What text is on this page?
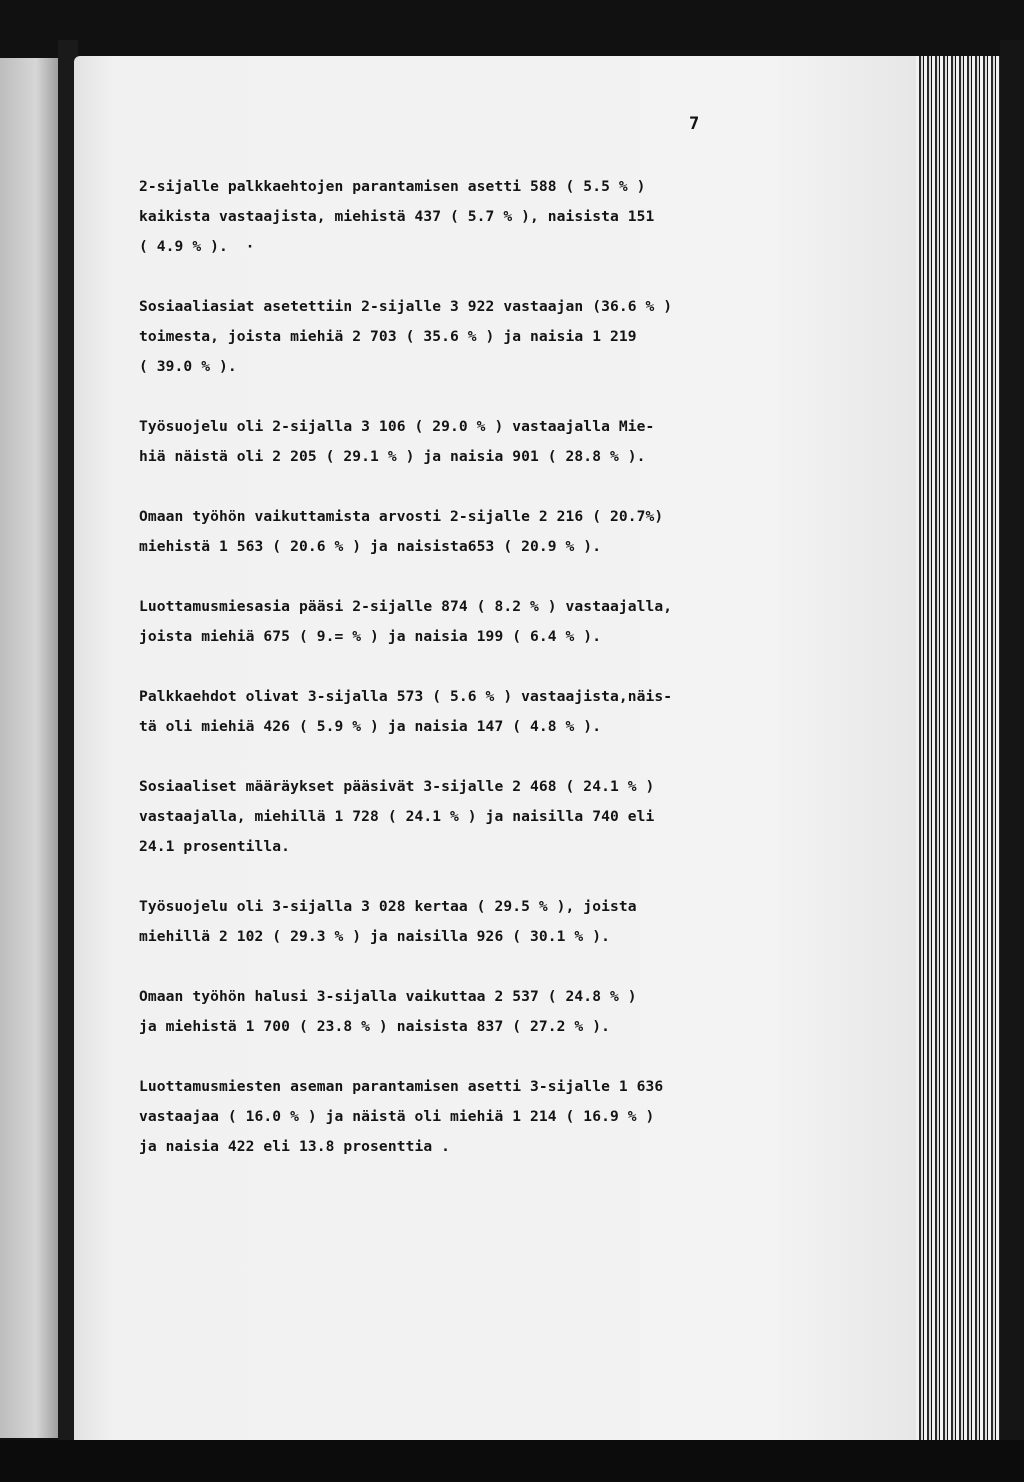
7
2-sijalle palkkaehtojen parantamisen asetti 588 ( 5.5 % )
kaikista vastaajista, miehistä 437 ( 5.7 % ), naisista 151
( 4.9 % ).  ·
Sosiaaliasiat asetettiin 2-sijalle 3 922 vastaajan (36.6 % )
toimesta, joista miehiä 2 703 ( 35.6 % ) ja naisia 1 219
( 39.0 % ).
Työsuojelu oli 2-sijalla 3 106 ( 29.0 % ) vastaajalla Mie-
hiä näistä oli 2 205 ( 29.1 % ) ja naisia 901 ( 28.8 % ).
Omaan työhön vaikuttamista arvosti 2-sijalle 2 216 ( 20.7%)
miehistä 1 563 ( 20.6 % ) ja naisista653 ( 20.9 % ).
Luottamusmiesasia pääsi 2-sijalle 874 ( 8.2 % ) vastaajalla,
joista miehiä 675 ( 9.= % ) ja naisia 199 ( 6.4 % ).
Palkkaehdot olivat 3-sijalla 573 ( 5.6 % ) vastaajista,näis-
tä oli miehiä 426 ( 5.9 % ) ja naisia 147 ( 4.8 % ).
Sosiaaliset määräykset pääsivät 3-sijalle 2 468 ( 24.1 % )
vastaajalla, miehillä 1 728 ( 24.1 % ) ja naisilla 740 eli
24.1 prosentilla.
Työsuojelu oli 3-sijalla 3 028 kertaa ( 29.5 % ), joista
miehillä 2 102 ( 29.3 % ) ja naisilla 926 ( 30.1 % ).
Omaan työhön halusi 3-sijalla vaikuttaa 2 537 ( 24.8 % )
ja miehistä 1 700 ( 23.8 % ) naisista 837 ( 27.2 % ).
Luottamusmiesten aseman parantamisen asetti 3-sijalle 1 636
vastaajaa ( 16.0 % ) ja näistä oli miehiä 1 214 ( 16.9 % )
ja naisia 422 eli 13.8 prosenttia .
